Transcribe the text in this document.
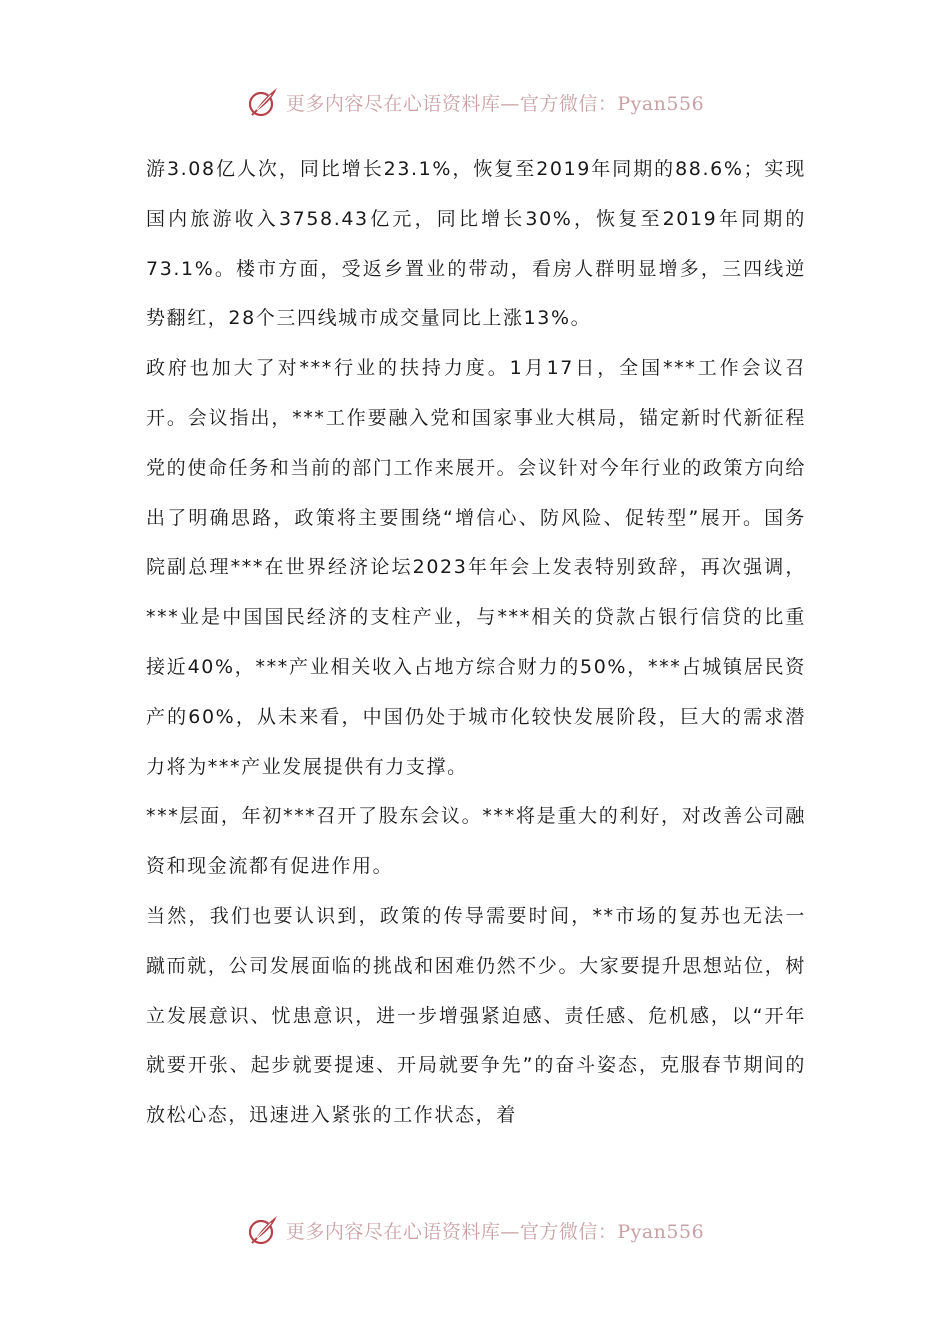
更多内容尽在心语资料库—官方微信：Pyan556

游3.08亿人次，同比增长23.1%，恢复至2019年同期的88.6%；实现国内旅游收入3758.43亿元，同比增长30%，恢复至2019年同期的73.1%。楼市方面，受返乡置业的带动，看房人群明显增多，三四线逆势翻红，28个三四线城市成交量同比上涨13%。

政府也加大了对***行业的扶持力度。1月17日，全国***工作会议召开。会议指出，***工作要融入党和国家事业大棋局，锚定新时代新征程党的使命任务和当前的部门工作来展开。会议针对今年行业的政策方向给出了明确思路，政策将主要围绕“增信心、防风险、促转型”展开。国务院副总理***在世界经济论坛2023年年会上发表特别致辞，再次强调，***业是中国国民经济的支柱产业，与***相关的贷款占银行信贷的比重接近40%，***产业相关收入占地方综合财力的50%，***占城镇居民资产的60%，从未来看，中国仍处于城市化较快发展阶段，巨大的需求潜力将为***产业发展提供有力支撑。

***层面，年初***召开了股东会议。***将是重大的利好，对改善公司融资和现金流都有促进作用。

当然，我们也要认识到，政策的传导需要时间，**市场的复苏也无法一蹴而就，公司发展面临的挑战和困难仍然不少。大家要提升思想站位，树立发展意识、忧患意识，进一步增强紧迫感、责任感、危机感，以“开年就要开张、起步就要提速、开局就要争先”的奋斗姿态，克服春节期间的放松心态，迅速进入紧张的工作状态，着

更多内容尽在心语资料库—官方微信：Pyan556
